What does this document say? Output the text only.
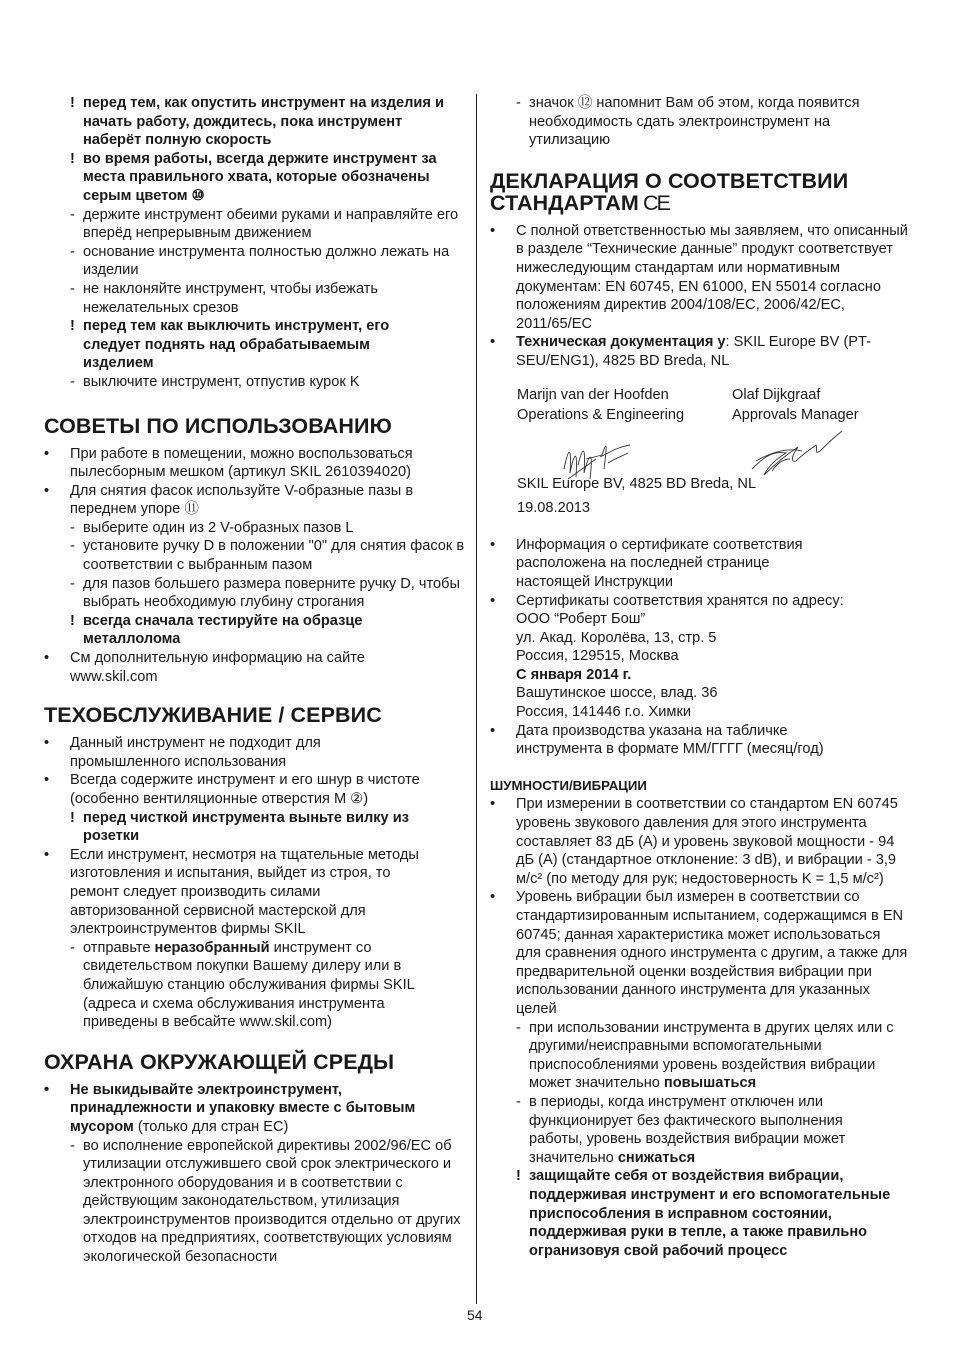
! перед тем, как опустить инструмент на изделия и начать работу, дождитесь, пока инструмент наберёт полную скорость
! во время работы, всегда держите инструмент за места правильного хвата, которые обозначены серым цветом ⑩
- держите инструмент обеими руками и направляйте его вперёд непрерывным движением
- основание инструмента полностью должно лежать на изделии
- не наклоняйте инструмент, чтобы избежать нежелательных срезов
! перед тем как выключить инструмент, его следует поднять над обрабатываемым изделием
- выключите инструмент, отпустив курок K
СОВЕТЫ ПО ИСПОЛЬЗОВАНИЮ
• При работе в помещении, можно воспользоваться пылесборным мешком (артикул SKIL 2610394020)
• Для снятия фасок используйте V-образные пазы в переднем упоре ⑪
- выберите один из 2 V-образных пазов L
- установите ручку D в положении "0" для снятия фасок в соответствии с выбранным пазом
- для пазов большего размера поверните ручку D, чтобы выбрать необходимую глубину строгания
! всегда сначала тестируйте на образце металлолома
• См дополнительную информацию на сайте www.skil.com
ТЕХОБСЛУЖИВАНИЕ / СЕРВИС
• Данный инструмент не подходит для промышленного использования
• Всегда содержите инструмент и его шнур в чистоте (особенно вентиляционные отверстия M ②)
! перед чисткой инструмента выньте вилку из розетки
• Если инструмент, несмотря на тщательные методы изготовления и испытания, выйдет из строя, то ремонт следует производить силами авторизованной сервисной мастерской для электроинструментов фирмы SKIL
- отправьте неразобранный инструмент со свидетельством покупки Вашему дилеру или в ближайшую станцию обслуживания фирмы SKIL (адреса и схема обслуживания инструмента приведены в вебсайте www.skil.com)
ОХРАНА ОКРУЖАЮЩЕЙ СРЕДЫ
• Не выкидывайте электроинструмент, принадлежности и упаковку вместе с бытовым мусором (только для стран ЕС)
- во исполнение европейской директивы 2002/96/ЕС об утилизации отслужившего свой срок электрического и электронного оборудования и в соответствии с действующим законодательством, утилизация электроинструментов производится отдельно от других отходов на предприятиях, соответствующих условиям экологической безопасности
- значок ⑫ напомнит Вам об этом, когда появится необходимость сдать электроинструмент на утилизацию
ДЕКЛАРАЦИЯ О СООТВЕТСТВИИ СТАНДАРТАМ CE
• С полной ответственностью мы заявляем, что описанный в разделе “Технические данные” продукт соответствует нижеследующим стандартам или нормативным документам: EN 60745, EN 61000, EN 55014 согласно положениям директив 2004/108/EC, 2006/42/EC, 2011/65/EC
• Техническая документация у: SKIL Europe BV (PT-SEU/ENG1), 4825 BD Breda, NL
Marijn van der Hoofden
Operations & Engineering
Olaf Dijkgraaf
Approvals Manager
SKIL Europe BV, 4825 BD Breda, NL
19.08.2013
• Информация о сертификате соответствия расположена на последней странице настоящей Инструкции
• Сертификаты соответствия хранятся по адресу:
ООО “Роберт Бош”
ул. Акад. Королёва, 13, стр. 5
Россия, 129515, Москва
С января 2014 г.
Вашутинское шоссе, влад. 36
Россия, 141446 г.о. Химки
• Дата производства указана на табличке инструмента в формате ММ/ГГГГ (месяц/год)
ШУМНОСТИ/ВИБРАЦИИ
• При измерении в соответствии со стандартом EN 60745 уровень звукового давления для этого инструмента составляет 83 дБ (A) и уровень звуковой мощности - 94 дБ (A) (стандартное отклонение: 3 dB), и вибрации - 3,9 м/с² (по методу для рук; недостоверность K = 1,5 м/с²)
• Уровень вибрации был измерен в соответствии со стандартизированным испытанием, содержащимся в EN 60745; данная характеристика может использоваться для сравнения одного инструмента с другим, а также для предварительной оценки воздействия вибрации при использовании данного инструмента для указанных целей
- при использовании инструмента в других целях или с другими/неисправными вспомогательными приспособлениями уровень воздействия вибрации может значительно повышаться
- в периоды, когда инструмент отключен или функционирует без фактического выполнения работы, уровень воздействия вибрации может значительно снижаться
! защищайте себя от воздействия вибрации, поддерживая инструмент и его вспомогательные приспособления в исправном состоянии, поддерживая руки в тепле, а также правильно огранизовуя свой рабочий процесс
54
